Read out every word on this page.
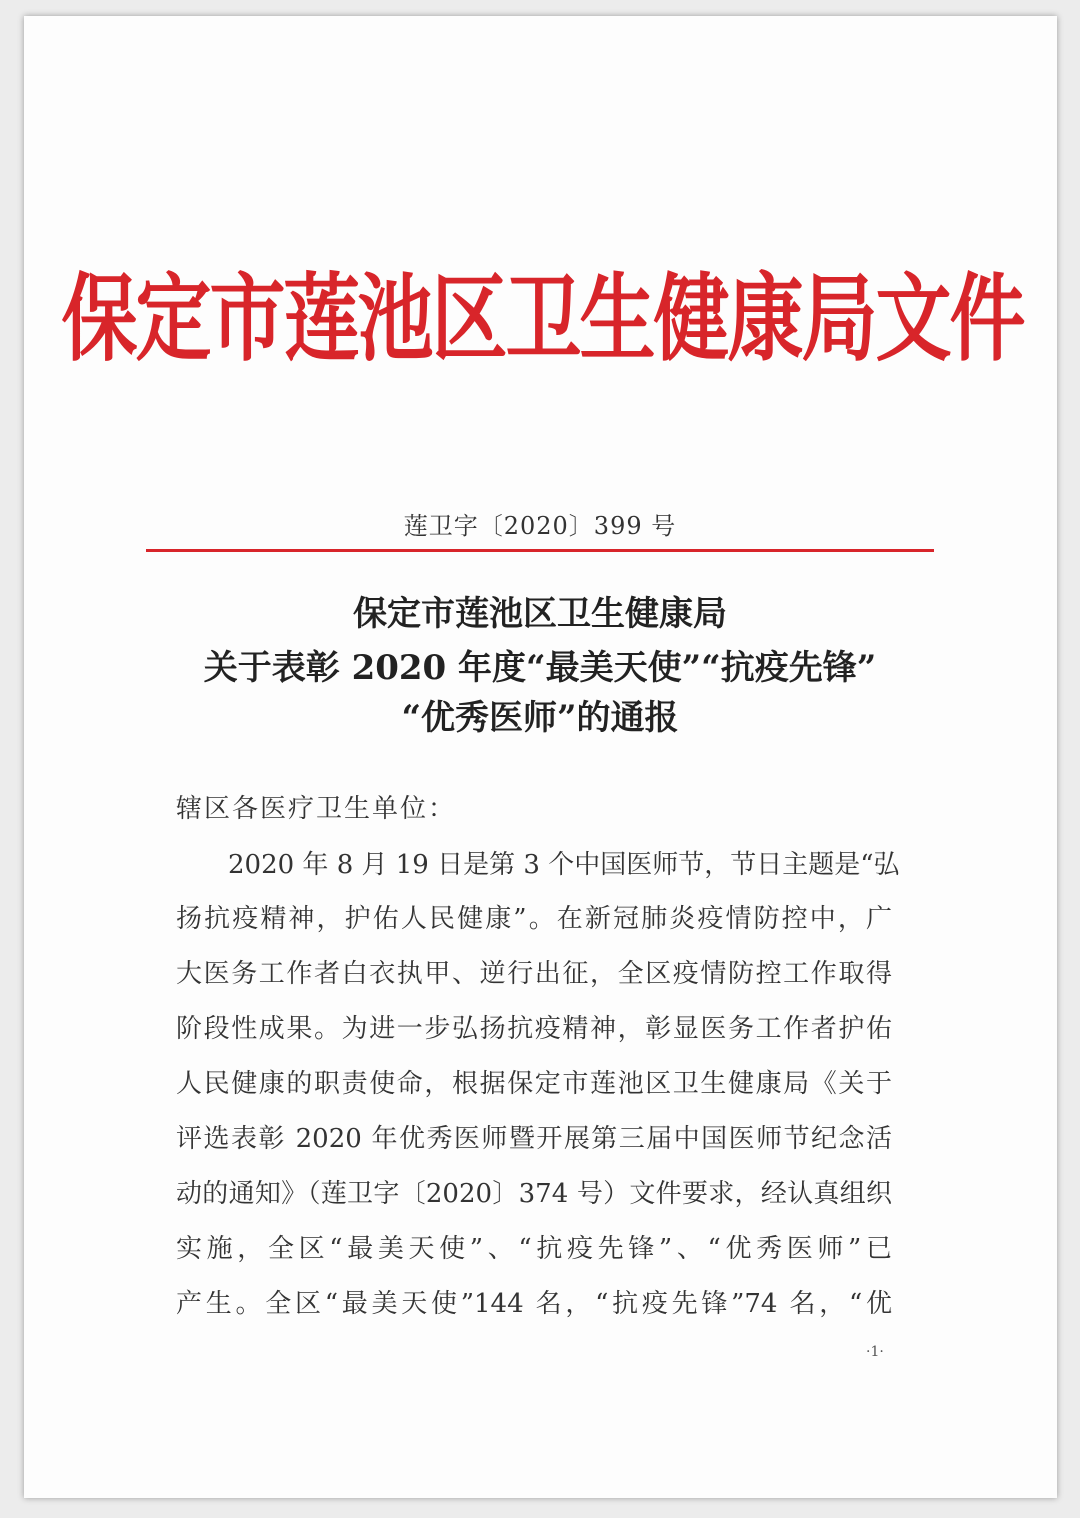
保定市莲池区卫生健康局文件
莲卫字〔2020〕399 号
保定市莲池区卫生健康局
关于表彰 2020 年度“最美天使”“抗疫先锋”
“优秀医师”的通报
辖区各医疗卫生单位：
2020 年 8 月 19 日是第 3 个中国医师节，节日主题是“弘
扬抗疫精神，护佑人民健康”。在新冠肺炎疫情防控中，广
大医务工作者白衣执甲、逆行出征，全区疫情防控工作取得
阶段性成果。为进一步弘扬抗疫精神，彰显医务工作者护佑
人民健康的职责使命，根据保定市莲池区卫生健康局《关于
评选表彰 2020 年优秀医师暨开展第三届中国医师节纪念活
动的通知》（莲卫字〔2020〕374 号）文件要求，经认真组织
实施，全区“最美天使”、“抗疫先锋”、“优秀医师”已
产生。全区“最美天使”144 名，“抗疫先锋”74 名，“优
·1·
